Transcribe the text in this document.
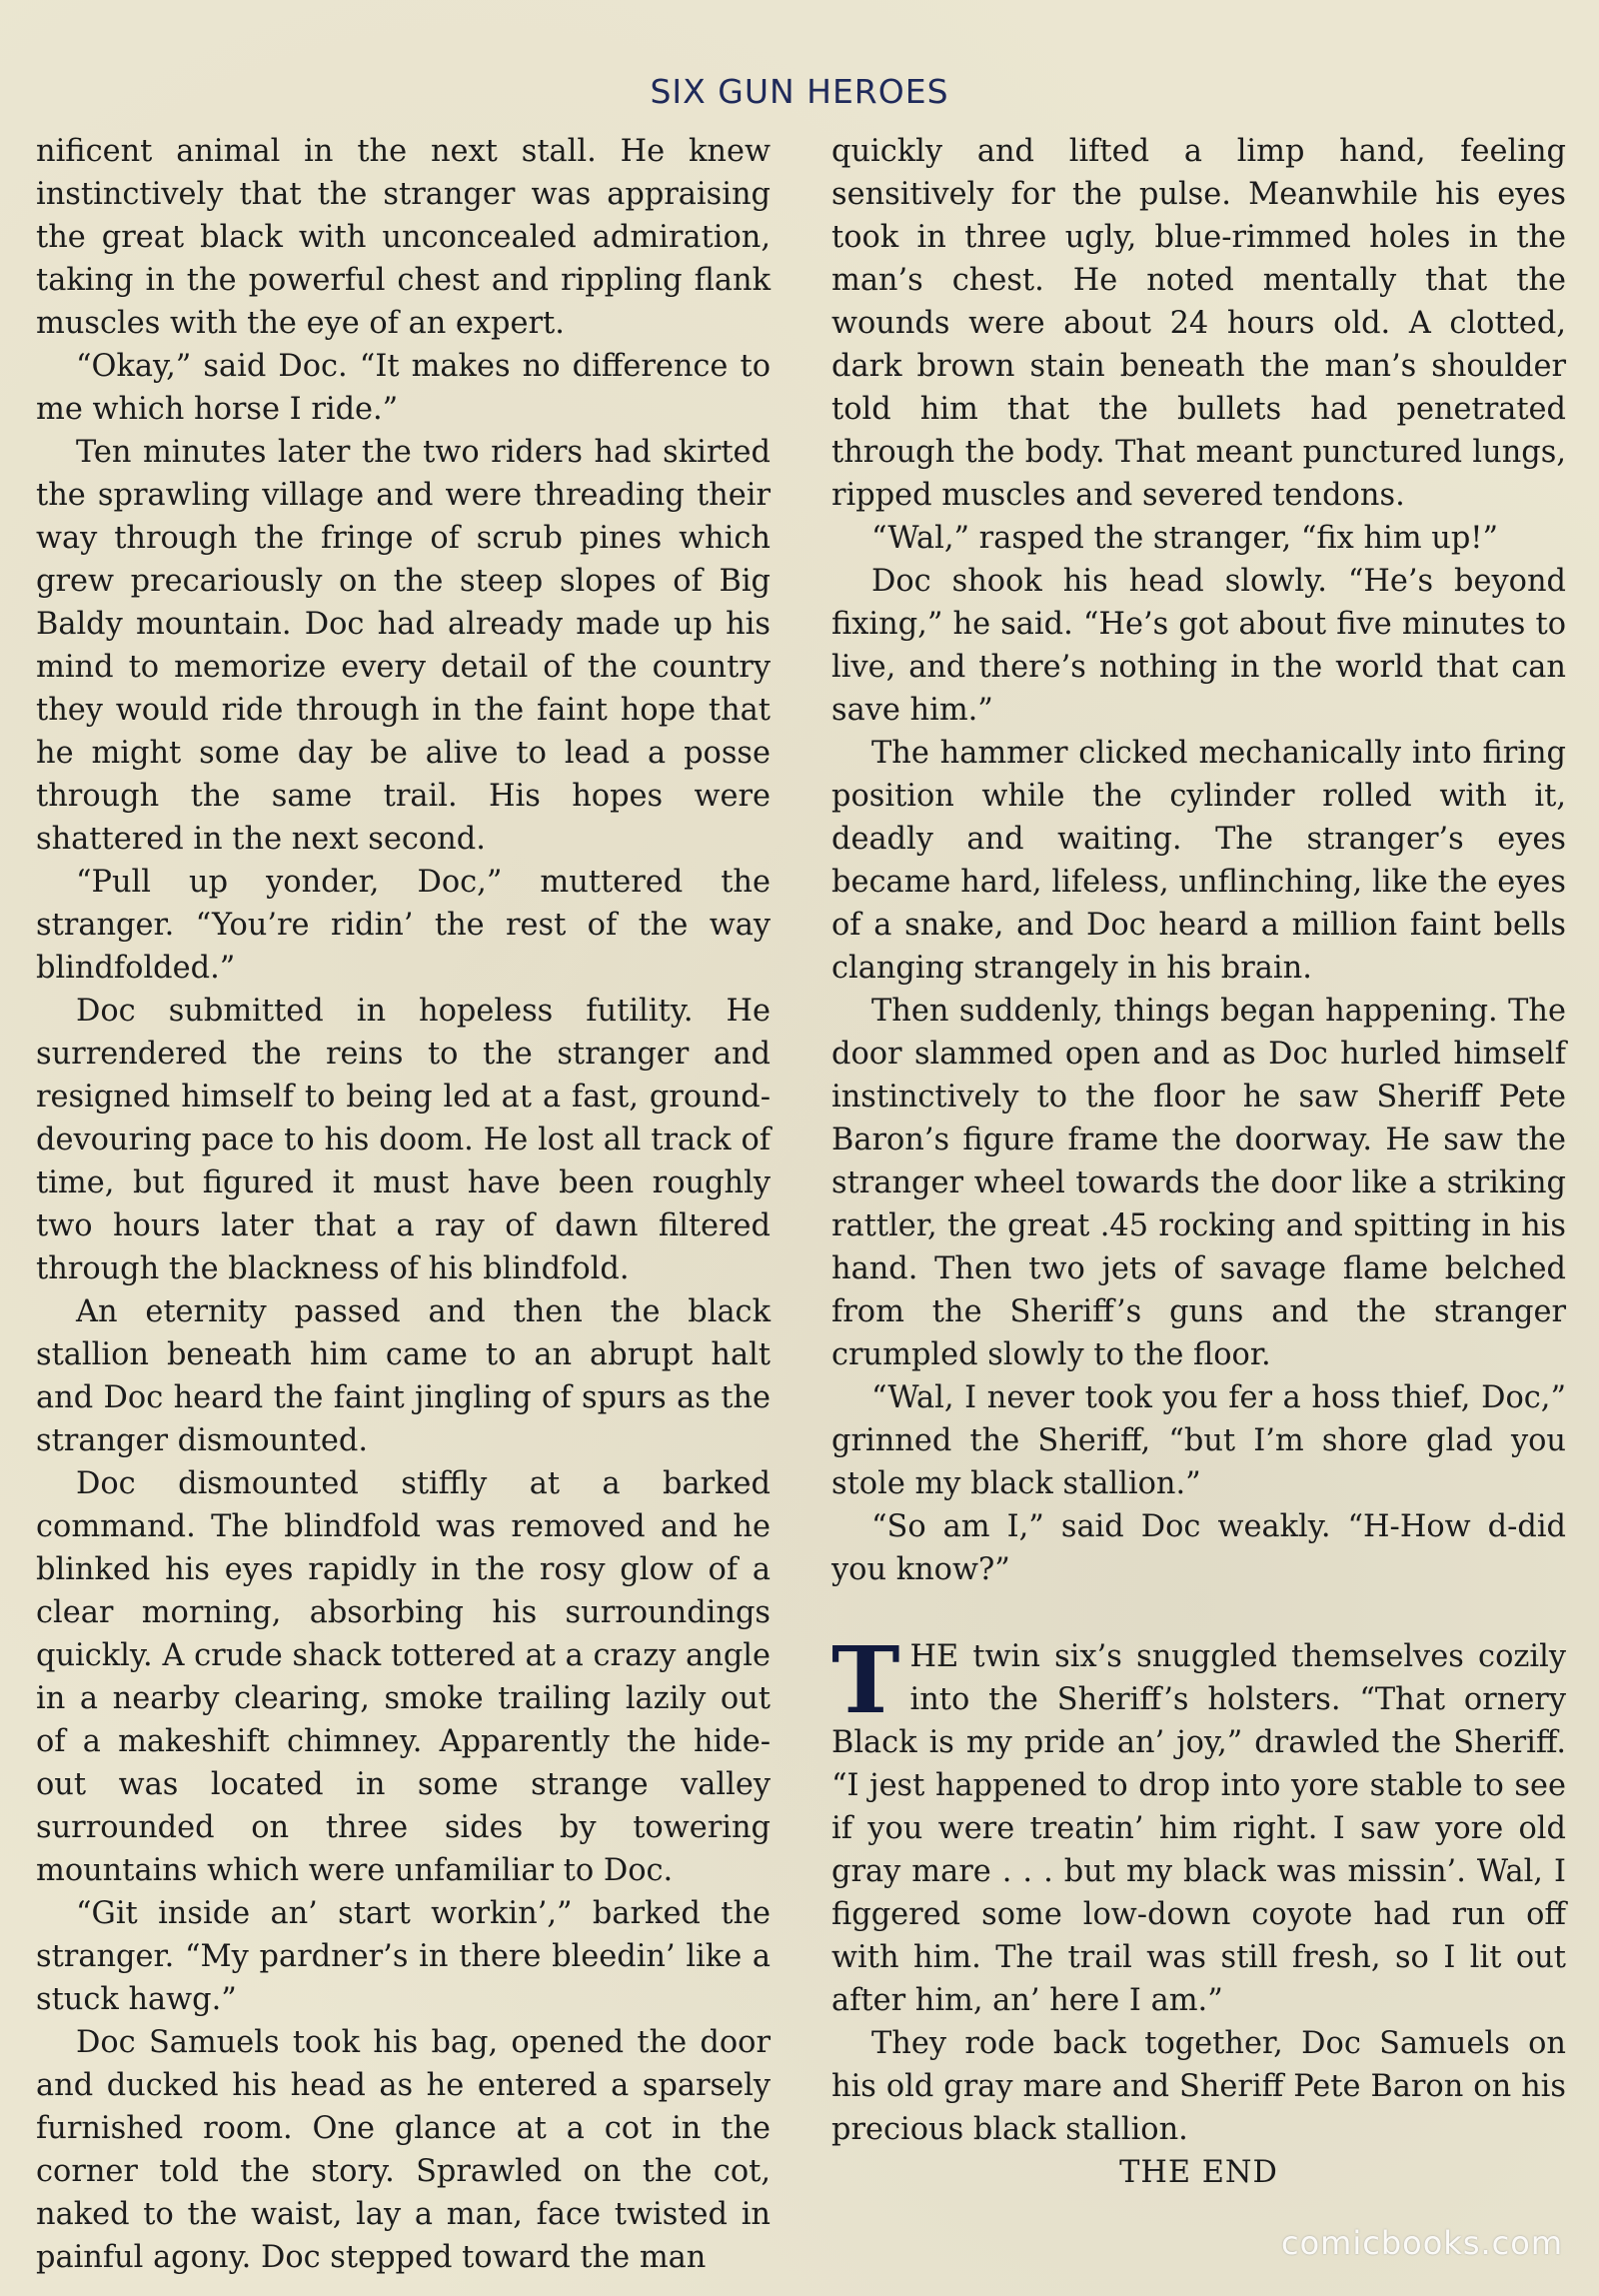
SIX GUN HEROES

nificent animal in the next stall. He knew instinctively that the stranger was appraising the great black with unconcealed admiration, taking in the powerful chest and rippling flank muscles with the eye of an expert.

“Okay,” said Doc. “It makes no difference to me which horse I ride.”

Ten minutes later the two riders had skirted the sprawling village and were threading their way through the fringe of scrub pines which grew precariously on the steep slopes of Big Baldy mountain. Doc had already made up his mind to memorize every detail of the country they would ride through in the faint hope that he might some day be alive to lead a posse through the same trail. His hopes were shattered in the next second.

“Pull up yonder, Doc,” muttered the stranger. “You’re ridin’ the rest of the way blindfolded.”

Doc submitted in hopeless futility. He surrendered the reins to the stranger and resigned himself to being led at a fast, ground-devouring pace to his doom. He lost all track of time, but figured it must have been roughly two hours later that a ray of dawn filtered through the blackness of his blindfold.

An eternity passed and then the black stallion beneath him came to an abrupt halt and Doc heard the faint jingling of spurs as the stranger dismounted.

Doc dismounted stiffly at a barked command. The blindfold was removed and he blinked his eyes rapidly in the rosy glow of a clear morning, absorbing his surroundings quickly. A crude shack tottered at a crazy angle in a nearby clearing, smoke trailing lazily out of a makeshift chimney. Apparently the hide-out was located in some strange valley surrounded on three sides by towering mountains which were unfamiliar to Doc.

“Git inside an’ start workin’,” barked the stranger. “My pardner’s in there bleedin’ like a stuck hawg.”

Doc Samuels took his bag, opened the door and ducked his head as he entered a sparsely furnished room. One glance at a cot in the corner told the story. Sprawled on the cot, naked to the waist, lay a man, face twisted in painful agony. Doc stepped toward the man

quickly and lifted a limp hand, feeling sensitively for the pulse. Meanwhile his eyes took in three ugly, blue-rimmed holes in the man’s chest. He noted mentally that the wounds were about 24 hours old. A clotted, dark brown stain beneath the man’s shoulder told him that the bullets had penetrated through the body. That meant punctured lungs, ripped muscles and severed tendons.

“Wal,” rasped the stranger, “fix him up!”

Doc shook his head slowly. “He’s beyond fixing,” he said. “He’s got about five minutes to live, and there’s nothing in the world that can save him.”

The hammer clicked mechanically into firing position while the cylinder rolled with it, deadly and waiting. The stranger’s eyes became hard, lifeless, unflinching, like the eyes of a snake, and Doc heard a million faint bells clanging strangely in his brain.

Then suddenly, things began happening. The door slammed open and as Doc hurled himself instinctively to the floor he saw Sheriff Pete Baron’s figure frame the doorway. He saw the stranger wheel towards the door like a striking rattler, the great .45 rocking and spitting in his hand. Then two jets of savage flame belched from the Sheriff’s guns and the stranger crumpled slowly to the floor.

“Wal, I never took you fer a hoss thief, Doc,” grinned the Sheriff, “but I’m shore glad you stole my black stallion.”

“So am I,” said Doc weakly. “H-How d-did you know?”

THE twin six’s snuggled themselves cozily into the Sheriff’s holsters. “That ornery Black is my pride an’ joy,” drawled the Sheriff. “I jest happened to drop into yore stable to see if you were treatin’ him right. I saw yore old gray mare . . . but my black was missin’. Wal, I figgered some low-down coyote had run off with him. The trail was still fresh, so I lit out after him, an’ here I am.”

They rode back together, Doc Samuels on his old gray mare and Sheriff Pete Baron on his precious black stallion.

THE END

comicbooks.com
